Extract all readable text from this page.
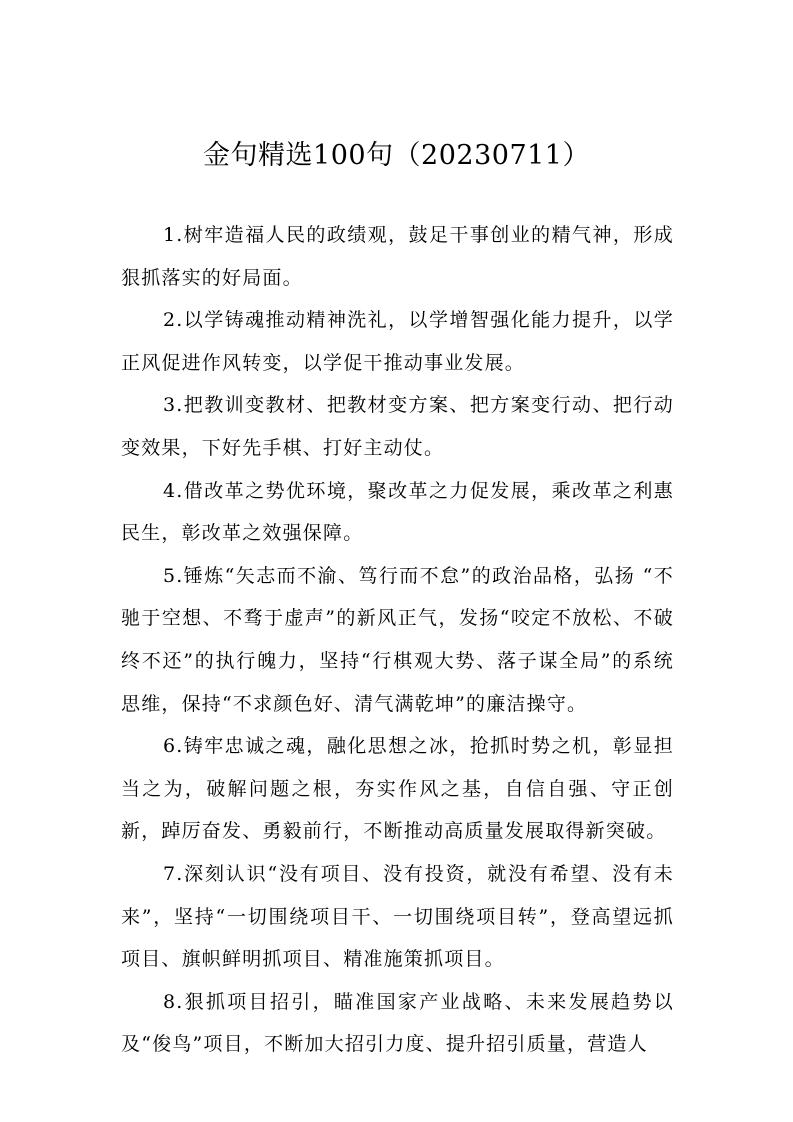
金句精选100句（20230711）

1.树牢造福人民的政绩观，鼓足干事创业的精气神，形成狠抓落实的好局面。

2.以学铸魂推动精神洗礼，以学增智强化能力提升，以学正风促进作风转变，以学促干推动事业发展。

3.把教训变教材、把教材变方案、把方案变行动、把行动变效果，下好先手棋、打好主动仗。

4.借改革之势优环境，聚改革之力促发展，乘改革之利惠民生，彰改革之效强保障。

5.锤炼“矢志而不渝、笃行而不怠”的政治品格，弘扬 “不驰于空想、不骛于虚声”的新风正气，发扬“咬定不放松、不破终不还”的执行魄力，坚持“行棋观大势、落子谋全局”的系统思维，保持“不求颜色好、清气满乾坤”的廉洁操守。

6.铸牢忠诚之魂，融化思想之冰，抢抓时势之机，彰显担当之为，破解问题之根，夯实作风之基，自信自强、守正创新，踔厉奋发、勇毅前行，不断推动高质量发展取得新突破。

7.深刻认识“没有项目、没有投资，就没有希望、没有未来”，坚持“一切围绕项目干、一切围绕项目转”，登高望远抓项目、旗帜鲜明抓项目、精准施策抓项目。

8.狠抓项目招引，瞄准国家产业战略、未来发展趋势以及“俊鸟”项目，不断加大招引力度、提升招引质量，营造人
